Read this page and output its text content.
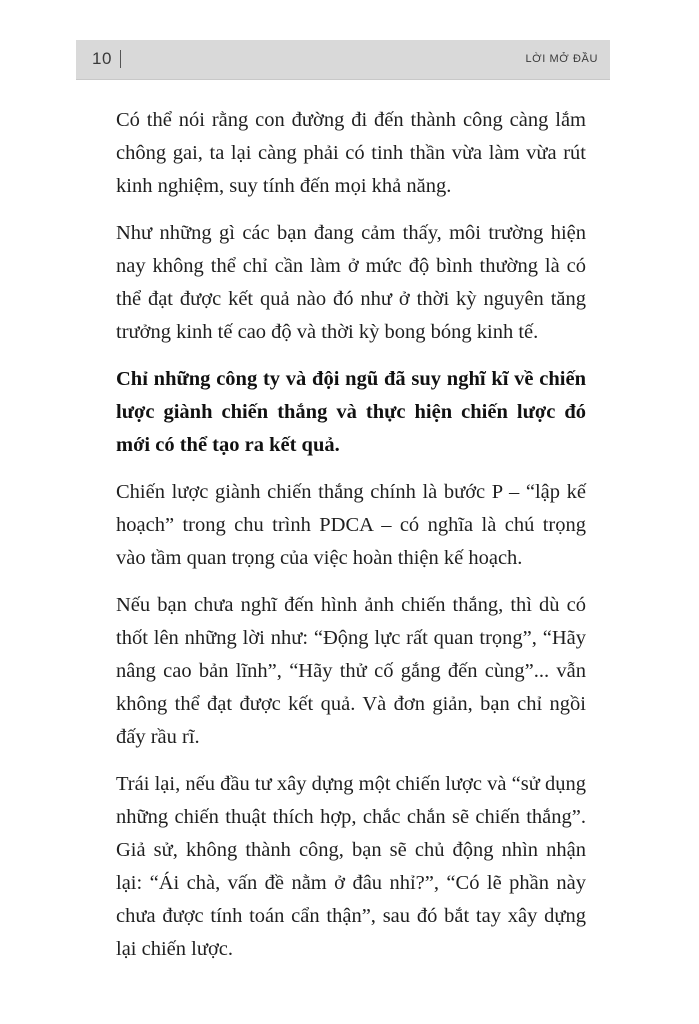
10	LỜI MỞ ĐẦU

Có thể nói rằng con đường đi đến thành công càng lắm chông gai, ta lại càng phải có tinh thần vừa làm vừa rút kinh nghiệm, suy tính đến mọi khả năng.

Như những gì các bạn đang cảm thấy, môi trường hiện nay không thể chỉ cần làm ở mức độ bình thường là có thể đạt được kết quả nào đó như ở thời kỳ nguyên tăng trưởng kinh tế cao độ và thời kỳ bong bóng kinh tế.

Chỉ những công ty và đội ngũ đã suy nghĩ kĩ về chiến lược giành chiến thắng và thực hiện chiến lược đó mới có thể tạo ra kết quả.

Chiến lược giành chiến thắng chính là bước P – “lập kế hoạch” trong chu trình PDCA – có nghĩa là chú trọng vào tầm quan trọng của việc hoàn thiện kế hoạch.

Nếu bạn chưa nghĩ đến hình ảnh chiến thắng, thì dù có thốt lên những lời như: “Động lực rất quan trọng”, “Hãy nâng cao bản lĩnh”, “Hãy thử cố gắng đến cùng”... vẫn không thể đạt được kết quả. Và đơn giản, bạn chỉ ngồi đấy rầu rĩ.

Trái lại, nếu đầu tư xây dựng một chiến lược và “sử dụng những chiến thuật thích hợp, chắc chắn sẽ chiến thắng”. Giả sử, không thành công, bạn sẽ chủ động nhìn nhận lại: “Ái chà, vấn đề nằm ở đâu nhỉ?”, “Có lẽ phần này chưa được tính toán cẩn thận”, sau đó bắt tay xây dựng lại chiến lược.
